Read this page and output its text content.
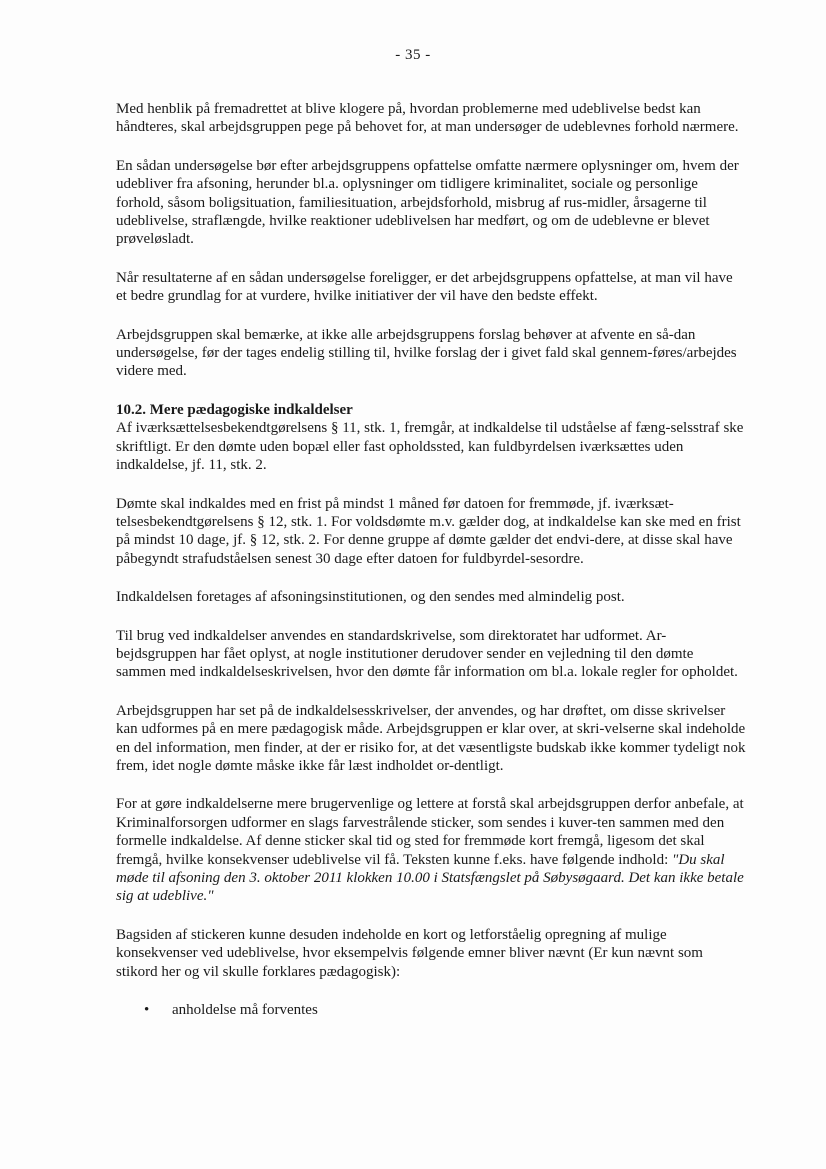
- 35 -

Med henblik på fremadrettet at blive klogere på, hvordan problemerne med udeblivelse bedst kan håndteres, skal arbejdsgruppen pege på behovet for, at man undersøger de udeblevnes forhold nærmere.

En sådan undersøgelse bør efter arbejdsgruppens opfattelse omfatte nærmere oplysninger om, hvem der udebliver fra afsoning, herunder bl.a. oplysninger om tidligere kriminalitet, sociale og personlige forhold, såsom boligsituation, familiesituation, arbejdsforhold, misbrug af rus-midler, årsagerne til udeblivelse, straflængde, hvilke reaktioner udeblivelsen har medført, og om de udeblevne er blevet prøveløsladt.

Når resultaterne af en sådan undersøgelse foreligger, er det arbejdsgruppens opfattelse, at man vil have et bedre grundlag for at vurdere, hvilke initiativer der vil have den bedste effekt.

Arbejdsgruppen skal bemærke, at ikke alle arbejdsgruppens forslag behøver at afvente en så-dan undersøgelse, før der tages endelig stilling til, hvilke forslag der i givet fald skal gennem-føres/arbejdes videre med.

10.2. Mere pædagogiske indkaldelser

Af iværksættelsesbekendtgørelsens § 11, stk. 1, fremgår, at indkaldelse til udståelse af fæng-selsstraf ske skriftligt. Er den dømte uden bopæl eller fast opholdssted, kan fuldbyrdelsen iværksættes uden indkaldelse, jf. 11, stk. 2.

Dømte skal indkaldes med en frist på mindst 1 måned før datoen for fremmøde, jf. iværksæt-telsesbekendtgørelsens § 12, stk. 1. For voldsdømte m.v. gælder dog, at indkaldelse kan ske med en frist på mindst 10 dage, jf. § 12, stk. 2. For denne gruppe af dømte gælder det endvi-dere, at disse skal have påbegyndt strafudståelsen senest 30 dage efter datoen for fuldbyrdel-sesordre.

Indkaldelsen foretages af afsoningsinstitutionen, og den sendes med almindelig post.

Til brug ved indkaldelser anvendes en standardskrivelse, som direktoratet har udformet. Ar-bejdsgruppen har fået oplyst, at nogle institutioner derudover sender en vejledning til den dømte sammen med indkaldelseskrivelsen, hvor den dømte får information om bl.a. lokale regler for opholdet.

Arbejdsgruppen har set på de indkaldelsesskrivelser, der anvendes, og har drøftet, om disse skrivelser kan udformes på en mere pædagogisk måde. Arbejdsgruppen er klar over, at skri-velserne skal indeholde en del information, men finder, at der er risiko for, at det væsentligste budskab ikke kommer tydeligt nok frem, idet nogle dømte måske ikke får læst indholdet or-dentligt.

For at gøre indkaldelserne mere brugervenlige og lettere at forstå skal arbejdsgruppen derfor anbefale, at Kriminalforsorgen udformer en slags farvestrålende sticker, som sendes i kuver-ten sammen med den formelle indkaldelse. Af denne sticker skal tid og sted for fremmøde kort fremgå, ligesom det skal fremgå, hvilke konsekvenser udeblivelse vil få. Teksten kunne f.eks. have følgende indhold: "Du skal møde til afsoning den 3. oktober 2011 klokken 10.00 i Statsfængslet på Søbysøgaard. Det kan ikke betale sig at udeblive."

Bagsiden af stickeren kunne desuden indeholde en kort og letforståelig opregning af mulige konsekvenser ved udeblivelse, hvor eksempelvis følgende emner bliver nævnt (Er kun nævnt som stikord her og vil skulle forklares pædagogisk):

• anholdelse må forventes
